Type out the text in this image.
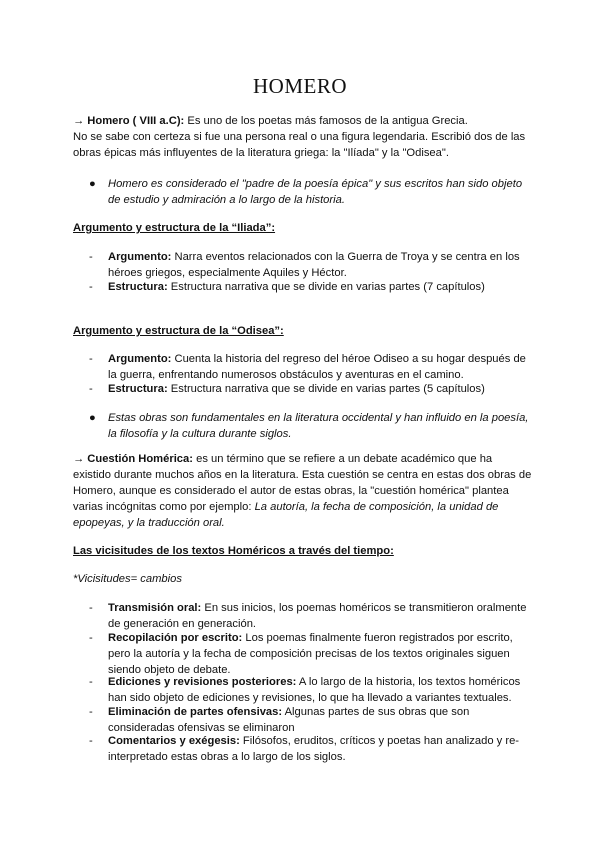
HOMERO
→ Homero ( VIII a.C): Es uno de los poetas más famosos de la antigua Grecia.
No se sabe con certeza si fue una persona real o una figura legendaria. Escribió dos de las obras épicas más influyentes de la literatura griega: la "Ilíada" y la "Odisea".
● Homero es considerado el "padre de la poesía épica" y sus escritos han sido objeto de estudio y admiración a lo largo de la historia.
Argumento y estructura de la “Iliada”:
- Argumento: Narra eventos relacionados con la Guerra de Troya y se centra en los héroes griegos, especialmente Aquiles y Héctor.
- Estructura: Estructura narrativa que se divide en varias partes (7 capítulos)
Argumento y estructura de la “Odisea”:
- Argumento: Cuenta la historia del regreso del héroe Odiseo a su hogar después de la guerra, enfrentando numerosos obstáculos y aventuras en el camino.
- Estructura: Estructura narrativa que se divide en varias partes (5 capítulos)
● Estas obras son fundamentales en la literatura occidental y han influido en la poesía, la filosofía y la cultura durante siglos.
→ Cuestión Homérica: es un término que se refiere a un debate académico que ha existido durante muchos años en la literatura. Esta cuestión se centra en estas dos obras de Homero, aunque es considerado el autor de estas obras, la "cuestión homérica" plantea varias incógnitas como por ejemplo: La autoría, la fecha de composición, la unidad de epopeyas, y la traducción oral.
Las vicisitudes de los textos Homéricos a través del tiempo:
*Vicisitudes= cambios
- Transmisión oral: En sus inicios, los poemas homéricos se transmitieron oralmente de generación en generación.
- Recopilación por escrito: Los poemas finalmente fueron registrados por escrito, pero la autoría y la fecha de composición precisas de los textos originales siguen siendo objeto de debate.
- Ediciones y revisiones posteriores: A lo largo de la historia, los textos homéricos han sido objeto de ediciones y revisiones, lo que ha llevado a variantes textuales.
- Eliminación de partes ofensivas: Algunas partes de sus obras que son consideradas ofensivas se eliminaron
- Comentarios y exégesis: Filósofos, eruditos, críticos y poetas han analizado y re-interpretado estas obras a lo largo de los siglos.
